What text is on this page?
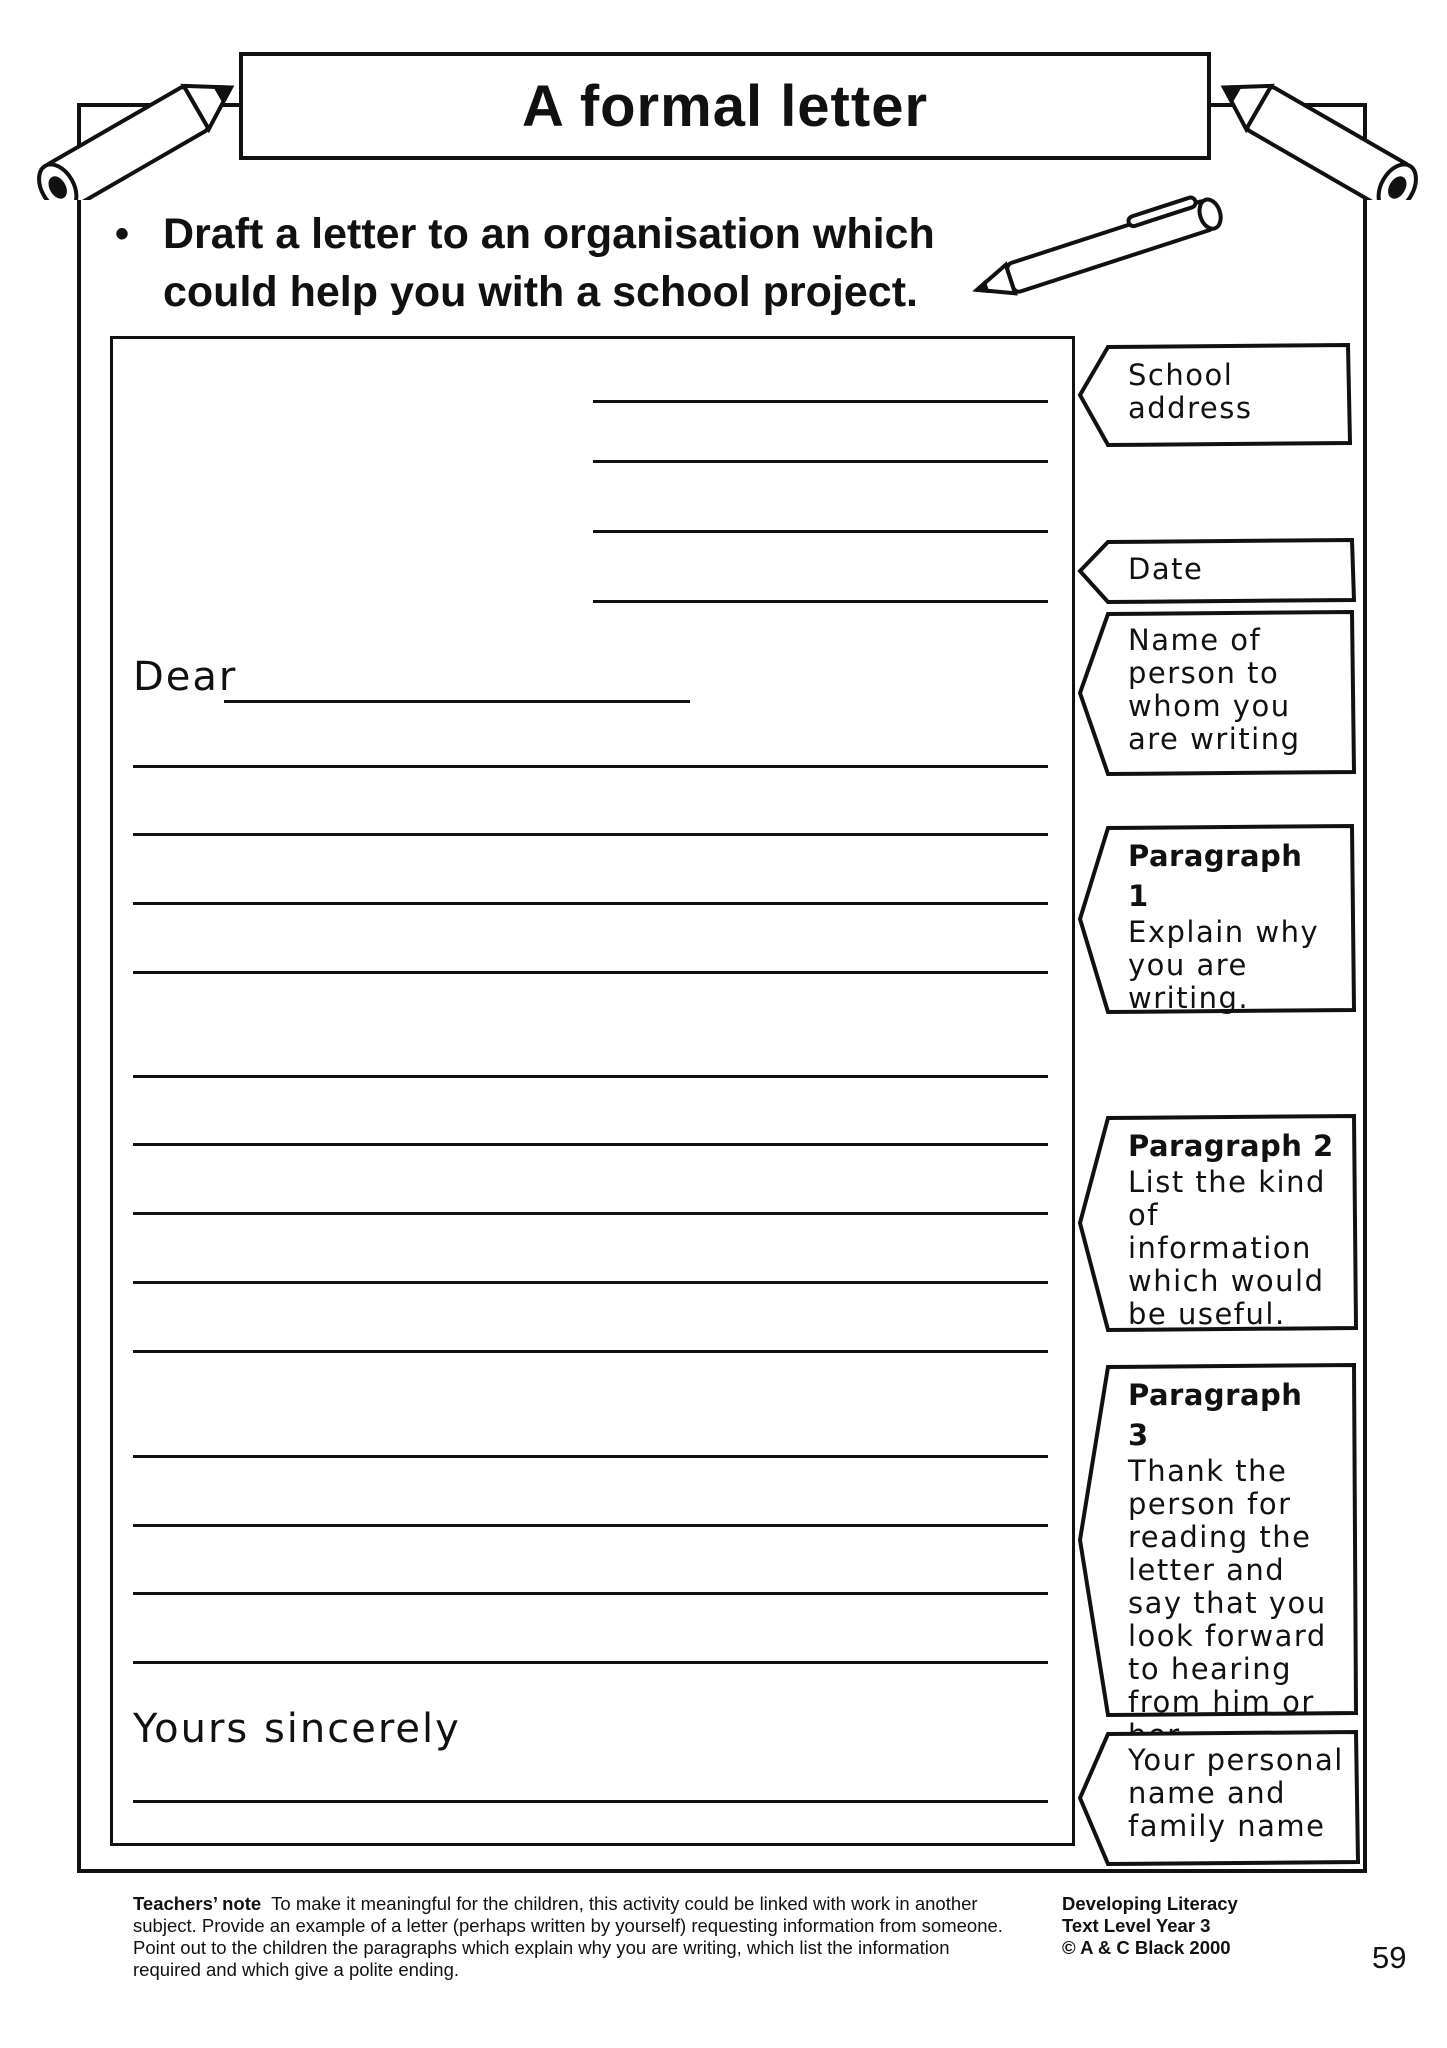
A formal letter
• Draft a letter to an organisation which could help you with a school project.
Dear
Yours sincerely
School address
Date
Name of person to whom you are writing
Paragraph 1
Explain why you are writing.
Paragraph 2
List the kind of information which would be useful.
Paragraph 3
Thank the person for reading the letter and say that you look forward to hearing from him or
Your personal name and family name
Teachers’ note To make it meaningful for the children, this activity could be linked with work in another subject. Provide an example of a letter (perhaps written by yourself) requesting information from someone. Point out to the children the paragraphs which explain why you are writing, which list the information required and which give a polite ending.
Developing Literacy
Text Level Year 3
© A & C Black 2000	59
